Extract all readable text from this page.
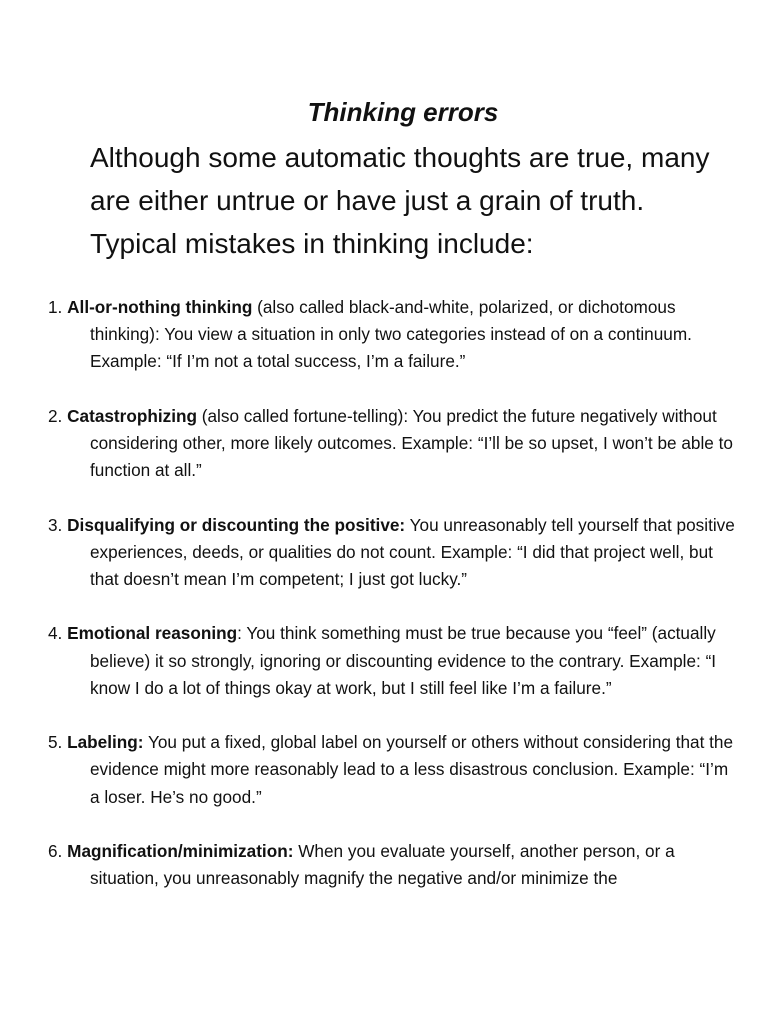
Thinking errors

Although some automatic thoughts are true, many are either untrue or have just a grain of truth. Typical mistakes in thinking include:

1. All-or-nothing thinking (also called black-and-white, polarized, or dichotomous thinking): You view a situation in only two categories instead of on a continuum. Example: “If I’m not a total success, I’m a failure.”
2. Catastrophizing (also called fortune-telling): You predict the future negatively without considering other, more likely outcomes. Example: “I’ll be so upset, I won’t be able to function at all.”
3. Disqualifying or discounting the positive: You unreasonably tell yourself that positive experiences, deeds, or qualities do not count. Example: “I did that project well, but that doesn’t mean I’m competent; I just got lucky.”
4. Emotional reasoning: You think something must be true because you “feel” (actually believe) it so strongly, ignoring or discounting evidence to the contrary. Example: “I know I do a lot of things okay at work, but I still feel like I’m a failure.”
5. Labeling: You put a fixed, global label on yourself or others without considering that the evidence might more reasonably lead to a less disastrous conclusion. Example: “I’m a loser. He’s no good.”
6. Magnification/minimization: When you evaluate yourself, another person, or a situation, you unreasonably magnify the negative and/or minimize the
